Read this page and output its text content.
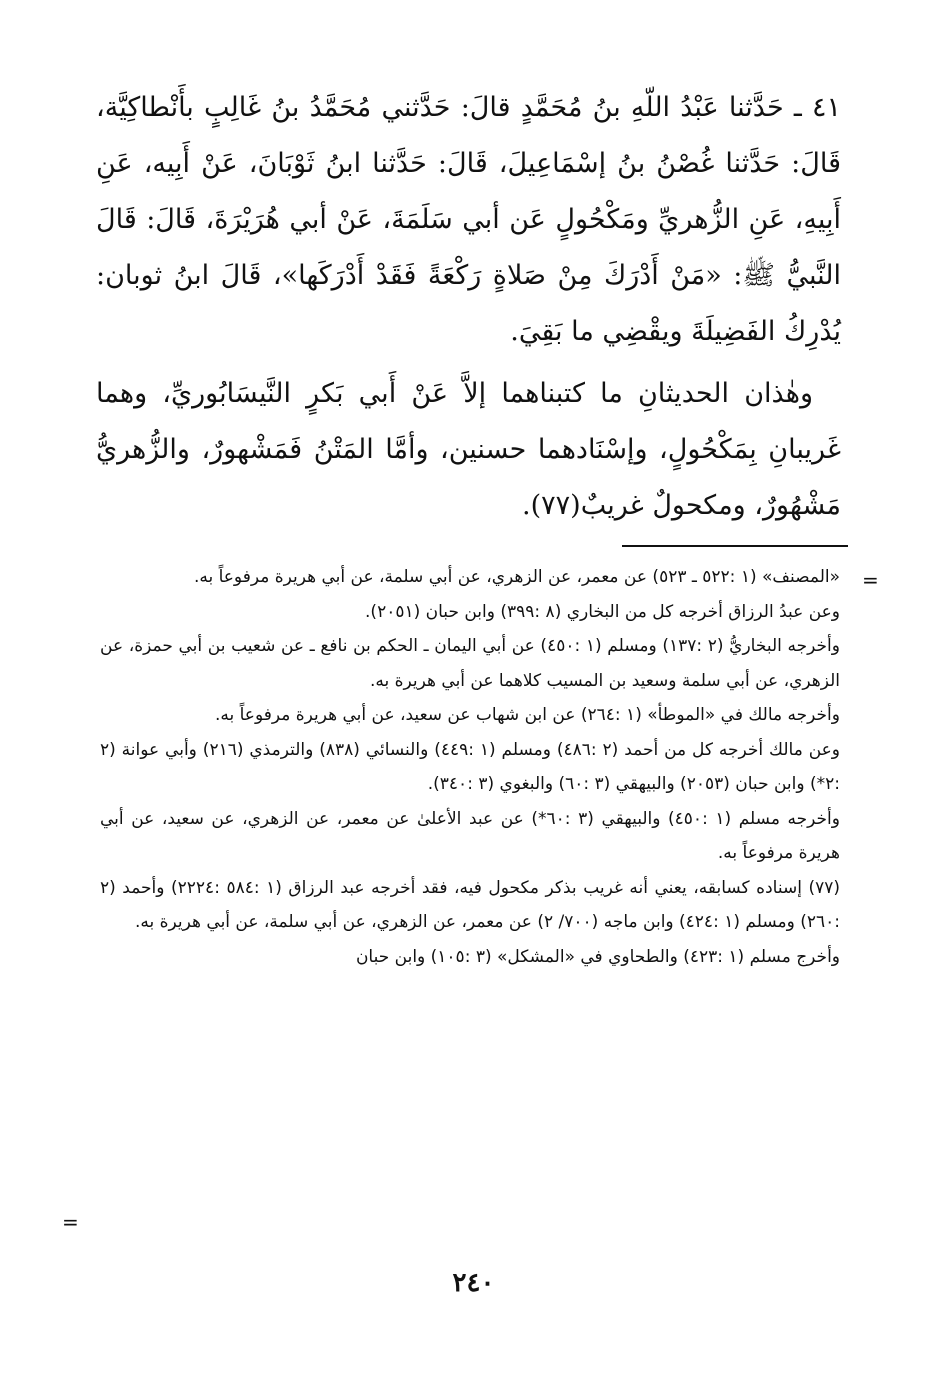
٤١ ـ حَدَّثنا عَبْدُ اللّهِ بنُ مُحَمَّدٍ قالَ: حَدَّثني مُحَمَّدُ بنُ غَالِبٍ بأَنْطاكِيَّة، قَالَ: حَدَّثنا غُصْنُ بنُ إسْمَاعِيلَ، قَالَ: حَدَّثنا ابنُ ثَوْبَانَ، عَنْ أَبِيه، عَنِ أَبِيهِ، عَنِ الزُّهريِّ ومَكْحُولٍ عَن أبي سَلَمَةَ، عَنْ أبي هُرَيْرَةَ، قَالَ: قَالَ النَّبيُّ ﷺ: «مَنْ أَدْرَكَ مِنْ صَلاةٍ رَكْعَةً فَقَدْ أَدْرَكَها»، قَالَ ابنُ ثوبان: يُدْرِكُ الفَضِيلَةَ ويقْضِي ما بَقِيَ.

وهٰذان الحديثانِ ما كتبناهما إلاَّ عَنْ أَبي بَكرٍ النَّيسَابُوريِّ، وهما غَريبانِ بِمَكْحُولٍ، وإسْنَادهما حسنين، وأمَّا المَتْنُ فَمَشْهورٌ، والزُّهريُّ مَشْهُورٌ، ومكحولٌ غريبٌ(٧٧).

=

«المصنف» (١ :٥٢٢ ـ ٥٢٣) عن معمر، عن الزهري، عن أبي سلمة، عن أبي هريرة مرفوعاً به.

وعن عبدُ الرزاق أخرجه كل من البخاري (٨ :٣٩٩) وابن حبان (٢٠٥١).

وأخرجه البخاريُّ (٢ :١٣٧) ومسلم (١ :٤٥٠) عن أبي اليمان ـ الحكم بن نافع ـ عن شعيب بن أبي حمزة، عن الزهري، عن أبي سلمة وسعيد بن المسيب كلاهما عن أبي هريرة به.

وأخرجه مالك في «الموطأ» (١ :٢٦٤) عن ابن شهاب عن سعيد، عن أبي هريرة مرفوعاً به.

وعن مالك أخرجه كل من أحمد (٢ :٤٨٦) ومسلم (١ :٤٤٩) والنسائي (٨٣٨) والترمذي (٢١٦) وأبي عوانة (٢ :٢*) وابن حبان (٢٠٥٣) والبيهقي (٣ :٦٠) والبغوي (٣ :٣٤٠).

وأخرجه مسلم (١ :٤٥٠) والبيهقي (٣ :٦٠*) عن عبد الأعلىٰ عن معمر، عن الزهري، عن سعيد، عن أبي هريرة مرفوعاً به.

(٧٧) إسناده كسابقه، يعني أنه غريب بذكر مكحول فيه، فقد أخرجه عبد الرزاق (١ :٥٨٤ :٢٢٢٤) وأحمد (٢ :٢٦٠) ومسلم (١ :٤٢٤) وابن ماجه (٧٠٠/ ٢) عن معمر، عن الزهري، عن أبي سلمة، عن أبي هريرة به.

وأخرج مسلم (١ :٤٢٣) والطحاوي في «المشكل» (٣ :١٠٥) وابن حبان

=
٢٤٠
